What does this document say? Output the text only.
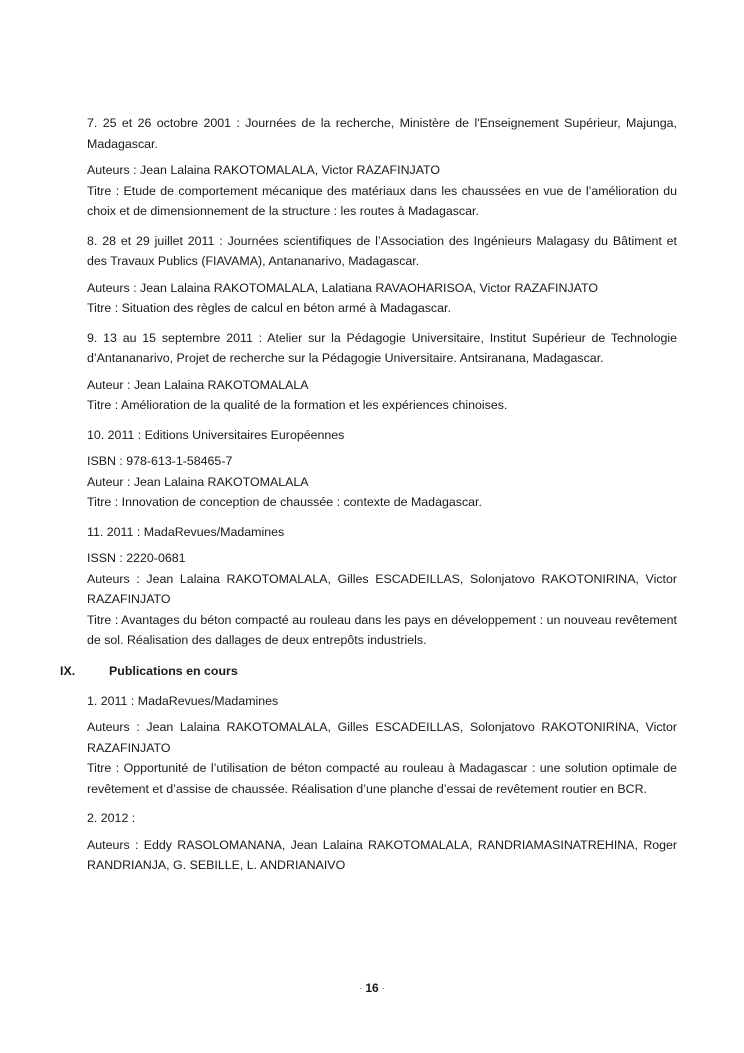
7. 25 et 26 octobre 2001 : Journées de la recherche, Ministère de l'Enseignement Supérieur, Majunga, Madagascar.

Auteurs : Jean Lalaina RAKOTOMALALA, Victor RAZAFINJATO

Titre : Etude de comportement mécanique des matériaux dans les chaussées en vue de l’amélioration du choix et de dimensionnement de la structure : les routes à Madagascar.

8. 28 et 29 juillet 2011 : Journées scientifiques de l’Association des Ingénieurs Malagasy du Bâtiment et des Travaux Publics (FIAVAMA), Antananarivo, Madagascar.

Auteurs : Jean Lalaina RAKOTOMALALA, Lalatiana RAVAOHARISOA, Victor RAZAFINJATO

Titre : Situation des règles de calcul en béton armé à Madagascar.

9. 13 au 15 septembre 2011 : Atelier sur la Pédagogie Universitaire, Institut Supérieur de Technologie d’Antananarivo, Projet de recherche sur la Pédagogie Universitaire. Antsiranana, Madagascar.

Auteur : Jean Lalaina RAKOTOMALALA

Titre : Amélioration de la qualité de la formation et les expériences chinoises.

10. 2011 : Editions Universitaires Européennes

ISBN : 978-613-1-58465-7

Auteur : Jean Lalaina RAKOTOMALALA

Titre : Innovation de conception de chaussée : contexte de Madagascar.

11. 2011 : MadaRevues/Madamines

ISSN : 2220-0681

Auteurs : Jean Lalaina RAKOTOMALALA, Gilles ESCADEILLAS, Solonjatovo RAKOTONIRINA, Victor RAZAFINJATO

Titre : Avantages du béton compacté au rouleau dans les pays en développement : un nouveau revêtement de sol. Réalisation des dallages de deux entrepôts industriels.

IX.	Publications en cours

1. 2011 : MadaRevues/Madamines

Auteurs : Jean Lalaina RAKOTOMALALA, Gilles ESCADEILLAS, Solonjatovo RAKOTONIRINA, Victor RAZAFINJATO

Titre : Opportunité de l’utilisation de béton compacté au rouleau à Madagascar : une solution optimale de revêtement et d’assise de chaussée. Réalisation d’une planche d’essai de revêtement routier en BCR.

2. 2012 :

Auteurs : Eddy RASOLOMANANA, Jean Lalaina RAKOTOMALALA, RANDRIAMASINATREHINA, Roger RANDRIANJA, G. SEBILLE, L. ANDRIANAIVO

- 16 -
